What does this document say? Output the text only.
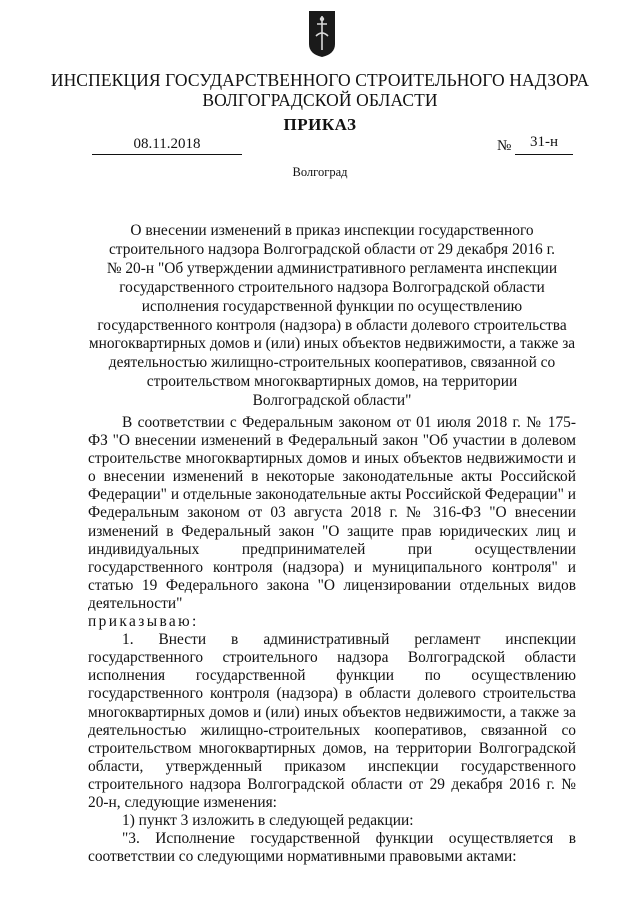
ИНСПЕКЦИЯ ГОСУДАРСТВЕННОГО СТРОИТЕЛЬНОГО НАДЗОРА
ВОЛГОГРАДСКОЙ ОБЛАСТИ
ПРИКАЗ
08.11.2018	№	31-н
Волгоград
О внесении изменений в приказ инспекции государственного
строительного надзора Волгоградской области от 29 декабря 2016 г.
№ 20-н "Об утверждении административного регламента инспекции
государственного строительного надзора Волгоградской области
исполнения государственной функции по осуществлению
государственного контроля (надзора) в области долевого строительства
многоквартирных домов и (или) иных объектов недвижимости, а также за
деятельностью жилищно-строительных кооперативов, связанной со
строительством многоквартирных домов, на территории
Волгоградской области"

В соответствии с Федеральным законом от 01 июля 2018 г. № 175-ФЗ "О внесении изменений в Федеральный закон "Об участии в долевом строительстве многоквартирных домов и иных объектов недвижимости и о внесении изменений в некоторые законодательные акты Российской Федерации" и отдельные законодательные акты Российской Федерации" и Федеральным законом от 03 августа 2018 г. № 316-ФЗ "О внесении изменений в Федеральный закон "О защите прав юридических лиц и индивидуальных предпринимателей при осуществлении государственного контроля (надзора) и муниципального контроля" и статью 19 Федерального закона "О лицензировании отдельных видов деятельности"

приказываю:

1. Внести в административный регламент инспекции государственного строительного надзора Волгоградской области исполнения государственной функции по осуществлению государственного контроля (надзора) в области долевого строительства многоквартирных домов и (или) иных объектов недвижимости, а также за деятельностью жилищно-строительных кооперативов, связанной со строительством многоквартирных домов, на территории Волгоградской области, утвержденный приказом инспекции государственного строительного надзора Волгоградской области от 29 декабря 2016 г. № 20-н, следующие изменения:

1) пункт 3 изложить в следующей редакции:
"3. Исполнение государственной функции осуществляется в
соответствии со следующими нормативными правовыми актами:
